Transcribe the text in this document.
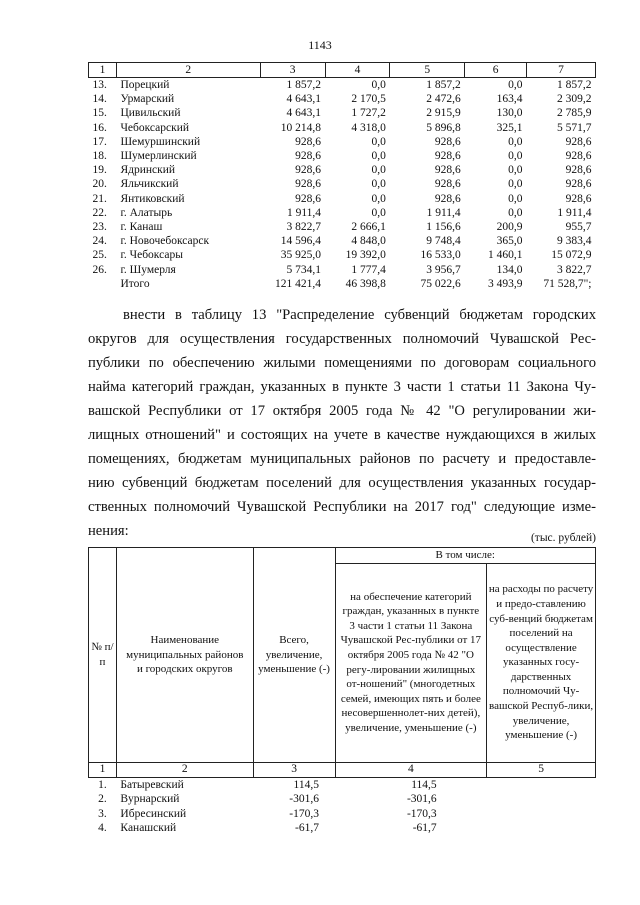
1143
1	2	3	4	5	6	7
13.	Порецкий	1 857,2	0,0	1 857,2	0,0	1 857,2
14.	Урмарский	4 643,1	2 170,5	2 472,6	163,4	2 309,2
15.	Цивильский	4 643,1	1 727,2	2 915,9	130,0	2 785,9
16.	Чебоксарский	10 214,8	4 318,0	5 896,8	325,1	5 571,7
17.	Шемуршинский	928,6	0,0	928,6	0,0	928,6
18.	Шумерлинский	928,6	0,0	928,6	0,0	928,6
19.	Ядринский	928,6	0,0	928,6	0,0	928,6
20.	Яльчикский	928,6	0,0	928,6	0,0	928,6
21.	Янтиковский	928,6	0,0	928,6	0,0	928,6
22.	г. Алатырь	1 911,4	0,0	1 911,4	0,0	1 911,4
23.	г. Канаш	3 822,7	2 666,1	1 156,6	200,9	955,7
24.	г. Новочебоксарск	14 596,4	4 848,0	9 748,4	365,0	9 383,4
25.	г. Чебоксары	35 925,0	19 392,0	16 533,0	1 460,1	15 072,9
26.	г. Шумерля	5 734,1	1 777,4	3 956,7	134,0	3 822,7
	Итого	121 421,4	46 398,8	75 022,6	3 493,9	71 528,7";
внести в таблицу 13 "Распределение субвенций бюджетам городских
округов для осуществления государственных полномочий Чувашской Рес-
публики по обеспечению жилыми помещениями по договорам социального
найма категорий граждан, указанных в пункте 3 части 1 статьи 11 Закона Чу-
вашской Республики от 17 октября 2005 года № 42 "О регулировании жи-
лищных отношений" и состоящих на учете в качестве нуждающихся в жилых
помещениях, бюджетам муниципальных районов по расчету и предоставле-
нию субвенций бюджетам поселений для осуществления указанных государ-
ственных полномочий Чувашской Республики на 2017 год" следующие изме-
нения:	(тыс. рублей)
№ п/п	Наименование муниципальных районов и городских округов	Всего, увеличение, уменьшение (-)	В том числе:	
			на обеспечение категорий граждан, указанных в пункте 3 части 1 статьи 11 Закона Чувашской Рес-публики от 17 октября 2005 года № 42 "О регу-лировании жилищных от-ношений" (многодетных семей, имеющих пять и более несовершеннолет-них детей), увеличение, уменьшение (-)	на расходы по расчету и предо-ставлению суб-венций бюджетам поселений на осуществление указанных госу-дарственных полномочий Чу-вашской Респуб-лики, увеличение, уменьшение (-)
1	2	3	4	5
1.	Батыревский	114,5	114,5	
2.	Вурнарский	-301,6	-301,6	
3.	Ибресинский	-170,3	-170,3	
4.	Канашский	-61,7	-61,7	
